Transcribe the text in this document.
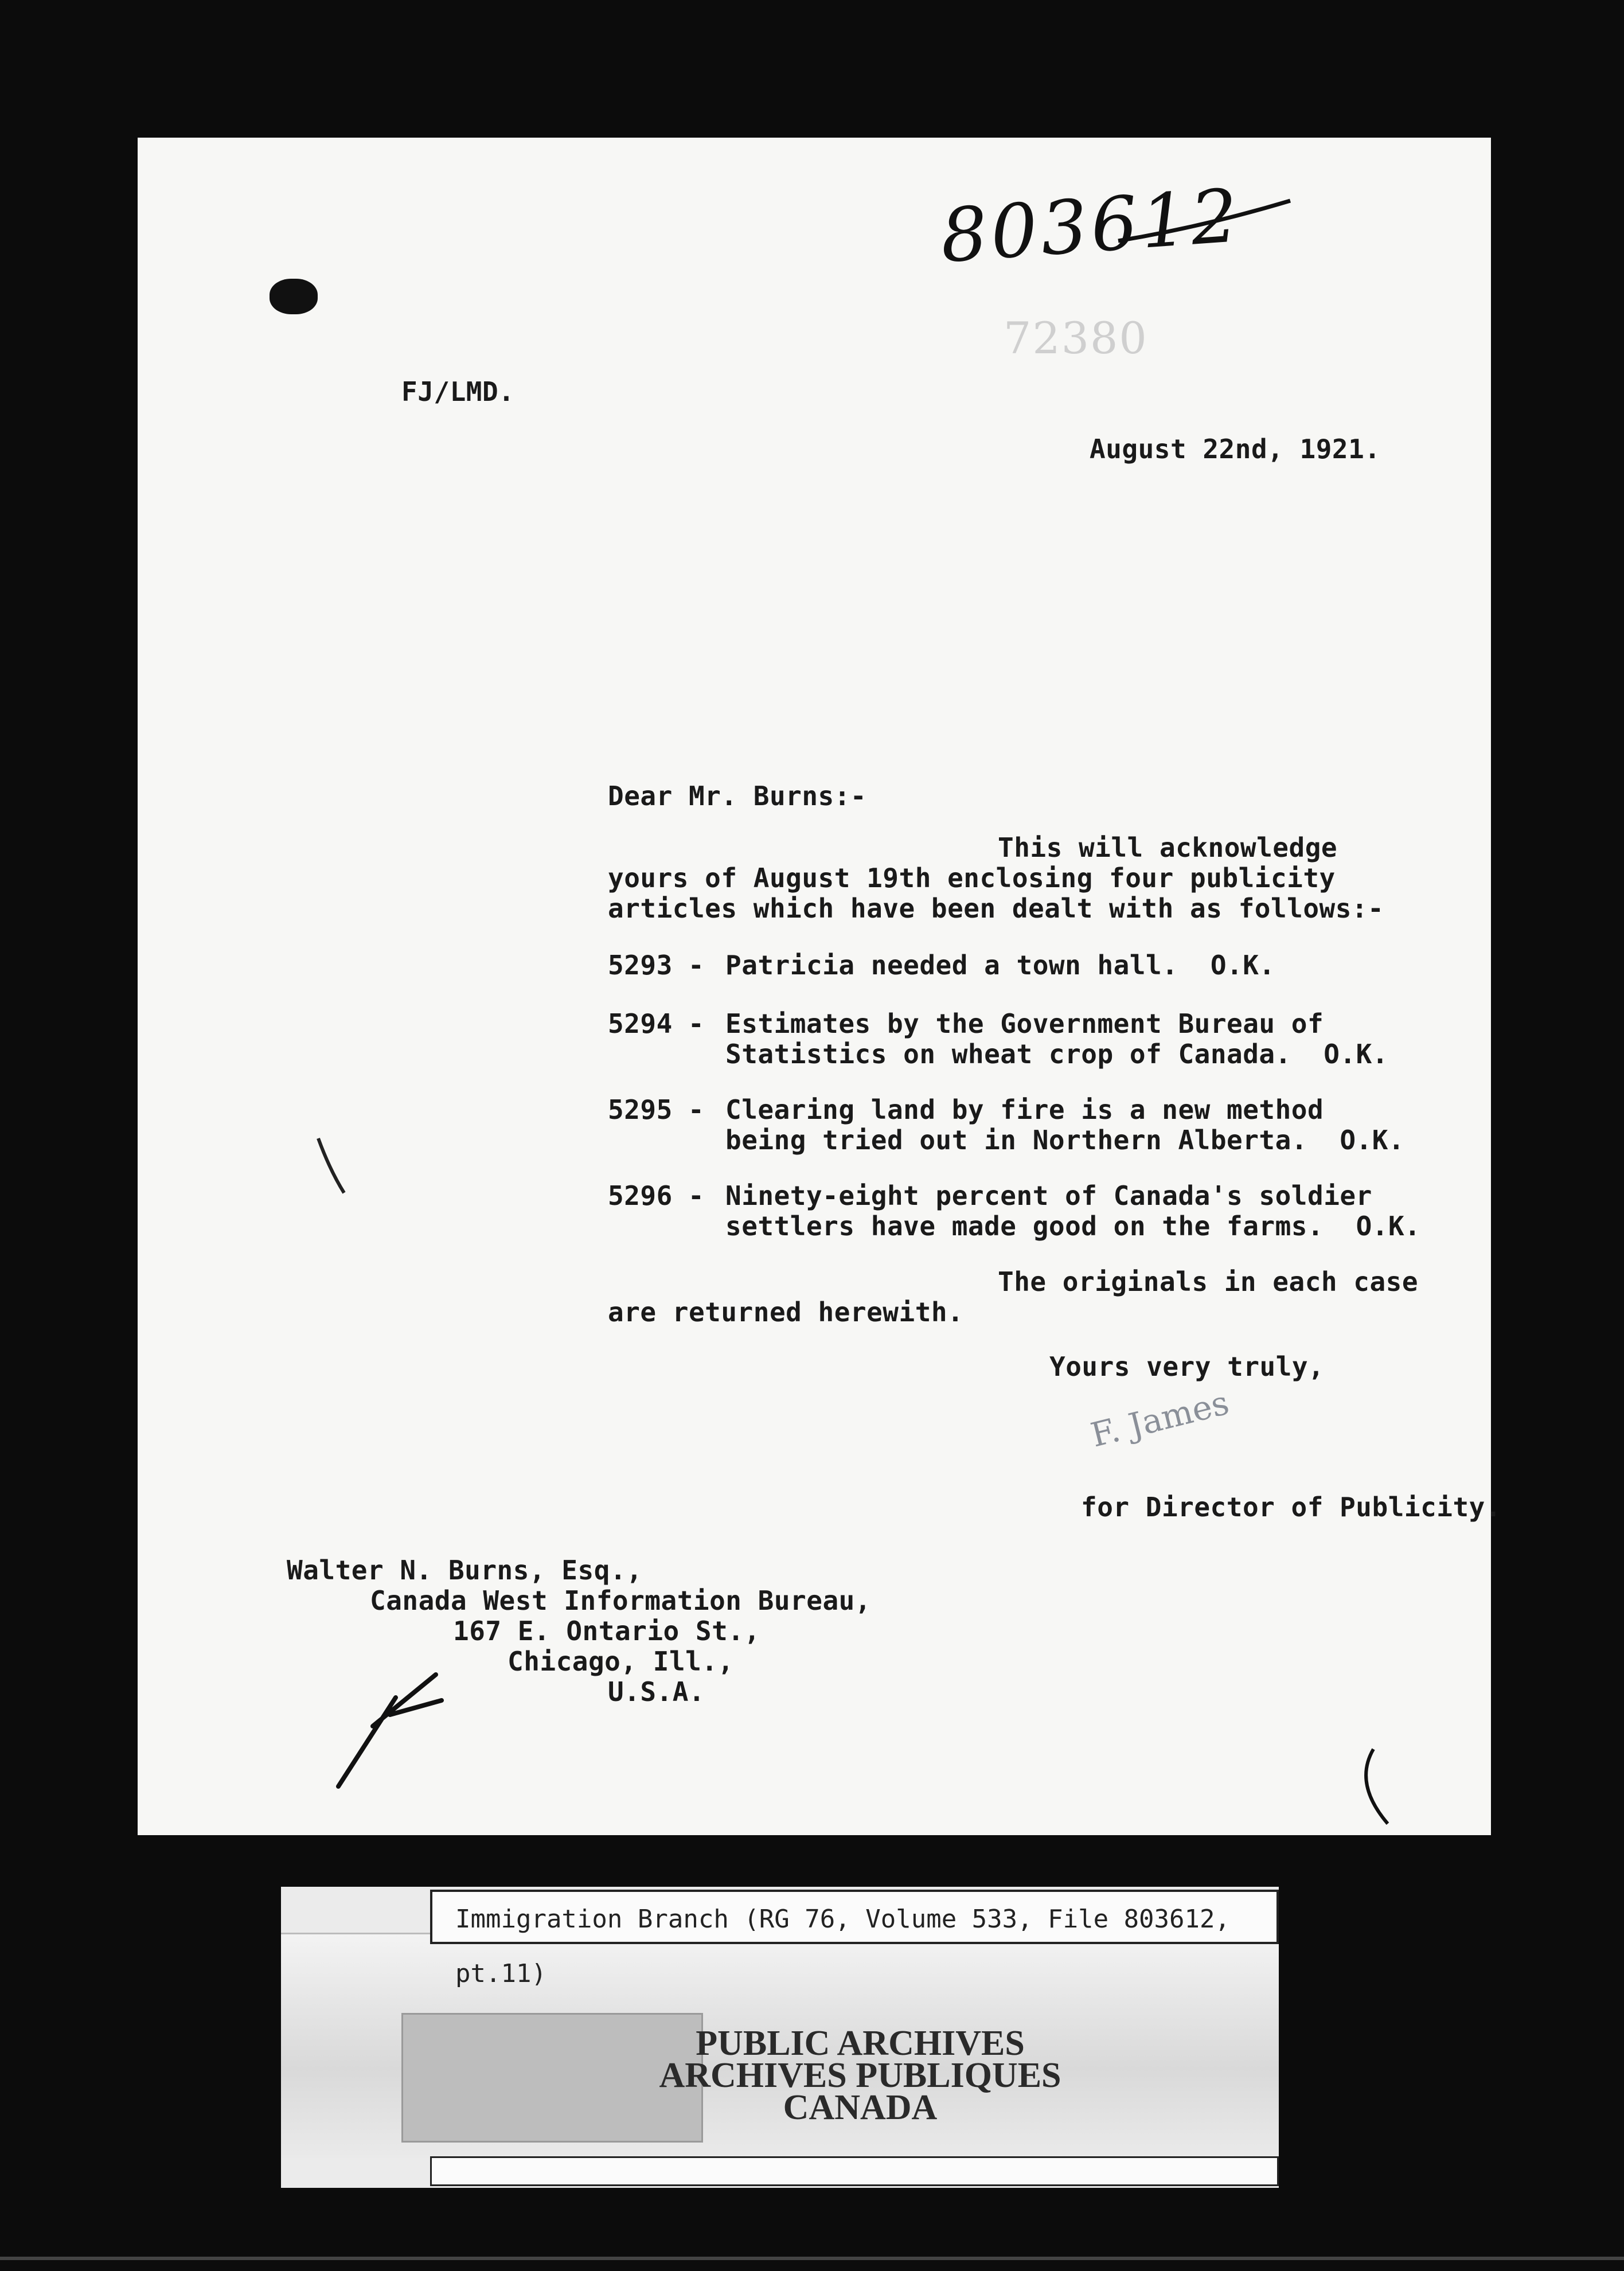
803612
72380
FJ/LMD.
August 22nd, 1921.
Dear Mr. Burns:-
This will acknowledge
yours of August 19th enclosing four publicity
articles which have been dealt with as follows:-
5293 - Patricia needed a town hall.  O.K.
5294 - Estimates by the Government Bureau of
Statistics on wheat crop of Canada.  O.K.
5295 - Clearing land by fire is a new method
being tried out in Northern Alberta.  O.K.
5296 - Ninety-eight percent of Canada's soldier
settlers have made good on the farms.  O.K.
The originals in each case
are returned herewith.
Yours very truly,
F. James
for Director of Publicity.
Walter N. Burns, Esq.,
Canada West Information Bureau,
167 E. Ontario St.,
Chicago, Ill.,
U.S.A.
Immigration Branch (RG 76, Volume 533, File 803612, pt.11)
PUBLIC ARCHIVES
ARCHIVES PUBLIQUES
CANADA
